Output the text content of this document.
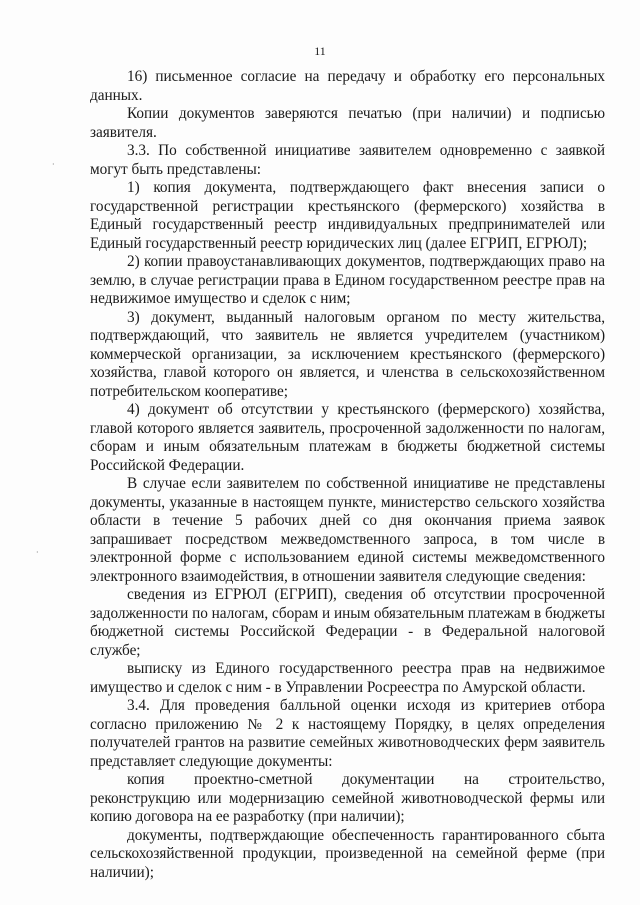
11
·
·

16) письменное согласие на передачу и обработку его персональных данных.

Копии документов заверяются печатью (при наличии) и подписью заявителя.

3.3. По собственной инициативе заявителем одновременно с заявкой могут быть представлены:

1) копия документа, подтверждающего факт внесения записи о государственной регистрации крестьянского (фермерского) хозяйства в Единый государственный реестр индивидуальных предпринимателей или Единый государственный реестр юридических лиц (далее ЕГРИП, ЕГРЮЛ);

2) копии правоустанавливающих документов, подтверждающих право на землю, в случае регистрации права в Едином государственном реестре прав на недвижимое имущество и сделок с ним;

3) документ, выданный налоговым органом по месту жительства, подтверждающий, что заявитель не является учредителем (участником) коммерческой организации, за исключением крестьянского (фермерского) хозяйства, главой которого он является, и членства в сельскохозяйственном потребительском кооперативе;

4) документ об отсутствии у крестьянского (фермерского) хозяйства, главой которого является заявитель, просроченной задолженности по налогам, сборам и иным обязательным платежам в бюджеты бюджетной системы Российской Федерации.

В случае если заявителем по собственной инициативе не представлены документы, указанные в настоящем пункте, министерство сельского хозяйства области в течение 5 рабочих дней со дня окончания приема заявок запрашивает посредством межведомственного запроса, в том числе в электронной форме с использованием единой системы межведомственного электронного взаимодействия, в отношении заявителя следующие сведения:

сведения из ЕГРЮЛ (ЕГРИП), сведения об отсутствии просроченной задолженности по налогам, сборам и иным обязательным платежам в бюджеты бюджетной системы Российской Федерации - в Федеральной налоговой службе;

выписку из Единого государственного реестра прав на недвижимое имущество и сделок с ним - в Управлении Росреестра по Амурской области.

3.4. Для проведения балльной оценки исходя из критериев отбора согласно приложению № 2 к настоящему Порядку, в целях определения получателей грантов на развитие семейных животноводческих ферм заявитель представляет следующие документы:

копия проектно-сметной документации на строительство, реконструкцию или модернизацию семейной животноводческой фермы или копию договора на ее разработку (при наличии);

документы, подтверждающие обеспеченность гарантированного сбыта сельскохозяйственной продукции, произведенной на семейной ферме (при наличии);
